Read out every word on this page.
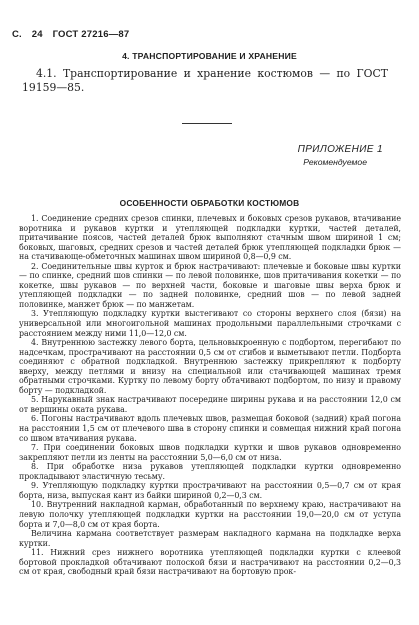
С. 24 ГОСТ 27216—87
4. ТРАНСПОРТИРОВАНИЕ И ХРАНЕНИЕ

4.1. Транспортирование и хранение костюмов — по ГОСТ 19159—85.

ПРИЛОЖЕНИЕ 1
Рекомендуемое
ОСОБЕННОСТИ ОБРАБОТКИ КОСТЮМОВ

1. Соединение средних срезов спинки, плечевых и боковых срезов рукавов, втачивание воротника и рукавов куртки и утепляющей подкладки куртки, частей деталей, притачивание поясов, частей деталей брюк выполняют стачным швом шириной 1 см; боковых, шаговых, средних срезов и частей деталей брюк утепляющей подкладки брюк — на стачивающе-обметочных машинах швом шириной 0,8—0,9 см.

2. Соединительные швы курток и брюк настрачивают: плечевые и боковые швы куртки — по спинке, средний шов спинки — по левой половинке, шов притачивания кокетки — по кокетке, швы рукавов — по верхней части, боковые и шаговые швы верха брюк и утепляющей подкладки — по задней половинке, средний шов — по левой задней половинке, манжет брюк — по манжетам.

3. Утепляющую подкладку куртки выстегивают со стороны верхнего слоя (бязи) на универсальной или многоигольной машинах продольными параллельными строчками с расстоянием между ними 11,0—12,0 см.

4. Внутреннюю застежку левого борта, цельновыкроенную с подбортом, перегибают по надсечкам, прострачивают на расстоянии 0,5 см от сгибов и выметывают петли. Подборта соединяют с обратной подкладкой. Внутреннюю застежку прикрепляют к подборту вверху, между петлями и внизу на специальной или стачивающей машинах тремя обратными строчками. Куртку по левому борту обтачивают подбортом, по низу и правому борту — подкладкой.

5. Нарукавный знак настрачивают посередине ширины рукава и на расстоянии 12,0 см от вершины оката рукава.

6. Погоны настрачивают вдоль плечевых швов, размещая боковой (задний) край погона на расстоянии 1,5 см от плечевого шва в сторону спинки и совмещая нижний край погона со швом втачивания рукава.

7. При соединении боковых швов подкладки куртки и швов рукавов одновременно закрепляют петли из ленты на расстоянии 5,0—6,0 см от низа.

8. При обработке низа рукавов утепляющей подкладки куртки одновременно прокладывают эластичную тесьму.

9. Утепляющую подкладку куртки прострачивают на расстоянии 0,5—0,7 см от края борта, низа, выпуская кант из байки шириной 0,2—0,3 см.

10. Внутренний накладной карман, обработанный по верхнему краю, настрачивают на левую полочку утепляющей подкладки куртки на расстоянии 19,0—20,0 см от уступа борта и 7,0—8,0 см от края борта.

Величина кармана соответствует размерам накладного кармана на подкладке верха куртки.

11. Нижний срез нижнего воротника утепляющей подкладки куртки с клеевой бортовой прокладкой обтачивают полоской бязи и настрачивают на расстоянии 0,2—0,3 см от края, свободный край бязи настрачивают на бортовую прок-
